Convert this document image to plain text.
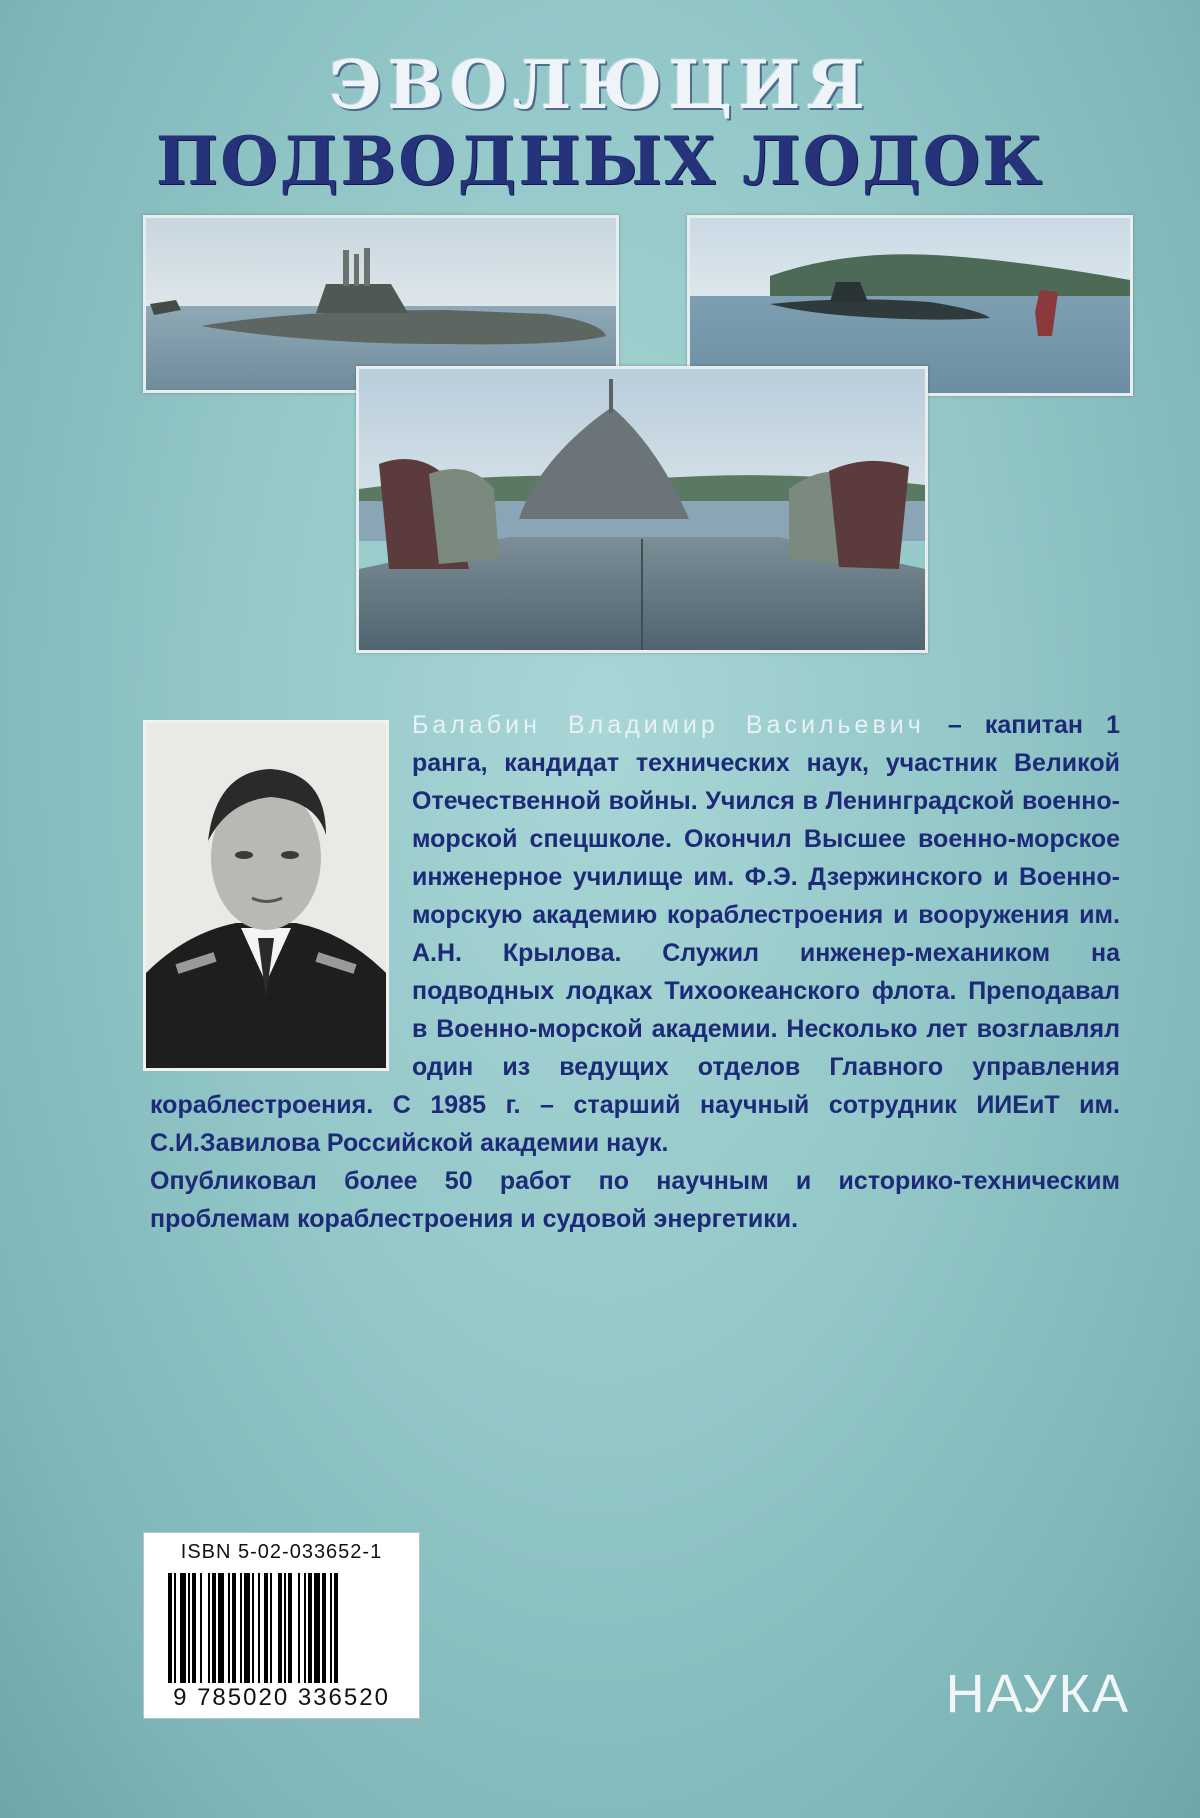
ЭВОЛЮЦИЯ
ПОДВОДНЫХ ЛОДОК

Балабин Владимир Васильевич – капитан 1 ранга, кандидат технических наук, участник Великой Отечественной войны. Учился в Ленинградской военно-морской спецшколе. Окончил Высшее военно-морское инженерное училище им. Ф.Э. Дзержинского и Военно-морскую академию кораблестроения и вооружения им. А.Н. Крылова. Служил инженер-механиком на подводных лодках Тихоокеанского флота. Преподавал в Военно-морской академии. Несколько лет возглавлял один из ведущих отделов Главного управления кораблестроения. С 1985 г. – старший научный сотрудник ИИЕиТ им. С.И.Завилова Российской академии наук.

Опубликовал более 50 работ по научным и историко-техническим проблемам кораблестроения и судовой энергетики.

ISBN 5-02-033652-1
9 785020 336520	НАУКА
